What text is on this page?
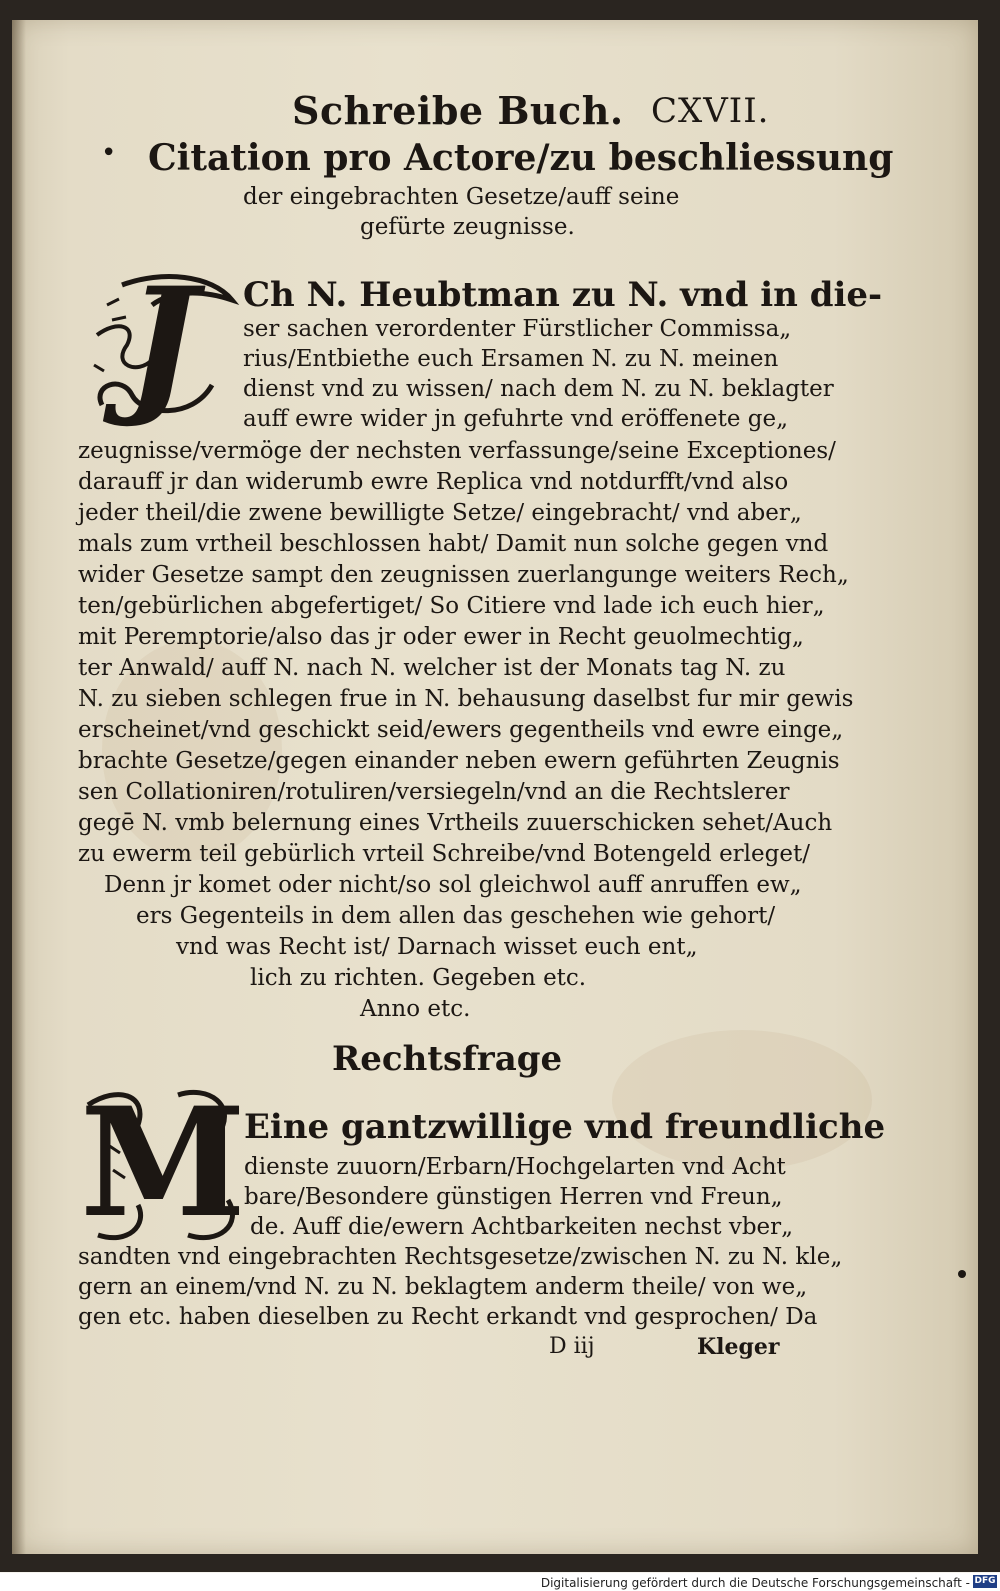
Schreibe Buch. CXVII.
• Citation pro Actore/zu beschliessung
der eingebrachten Gesetze/auff seine
gefürte zeugnisse.
J	Ch N. Heubtman zu N. vnd in die-
ser sachen verordenter Fürstlicher Commissa„
rius/Entbiethe euch Ersamen N. zu N. meinen
dienst vnd zu wissen/ nach dem N. zu N. beklagter
auff ewre wider jn gefuhrte vnd eröffenete ge„
zeugnisse/vermöge der nechsten verfassunge/seine Exceptiones/
darauff jr dan widerumb ewre Replica vnd notdurfft/vnd also
jeder theil/die zwene bewilligte Setze/ eingebracht/ vnd aber„
mals zum vrtheil beschlossen habt/ Damit nun solche gegen vnd
wider Gesetze sampt den zeugnissen zuerlangunge weiters Rech„
ten/gebürlichen abgefertiget/ So Citiere vnd lade ich euch hier„
mit Peremptorie/also das jr oder ewer in Recht geuolmechtig„
ter Anwald/ auff N. nach N. welcher ist der Monats tag N. zu
N. zu sieben schlegen frue in N. behausung daselbst fur mir gewis
erscheinet/vnd geschickt seid/ewers gegentheils vnd ewre einge„
brachte Gesetze/gegen einander neben ewern geführten Zeugnis
sen Collationiren/rotuliren/versiegeln/vnd an die Rechtslerer
gegē N. vmb belernung eines Vrtheils zuuerschicken sehet/Auch
zu ewerm teil gebürlich vrteil Schreibe/vnd Botengeld erleget/
Denn jr komet oder nicht/so sol gleichwol auff anruffen ew„
ers Gegenteils in dem allen das geschehen wie gehort/
vnd was Recht ist/ Darnach wisset euch ent„
lich zu richten. Gegeben etc.
Anno etc.
Rechtsfrage
M
Eine gantzwillige vnd freundliche
dienste zuuorn/Erbarn/Hochgelarten vnd Acht
bare/Besondere günstigen Herren vnd Freun„
de. Auff die/ewern Achtbarkeiten nechst vber„
sandten vnd eingebrachten Rechtsgesetze/zwischen N. zu N. kle„
gern an einem/vnd N. zu N. beklagtem anderm theile/ von we„
gen etc. haben dieselben zu Recht erkandt vnd gesprochen/ Da
D iij	Kleger
Digitalisierung gefördert durch die Deutsche Forschungsgemeinschaft - DFG
